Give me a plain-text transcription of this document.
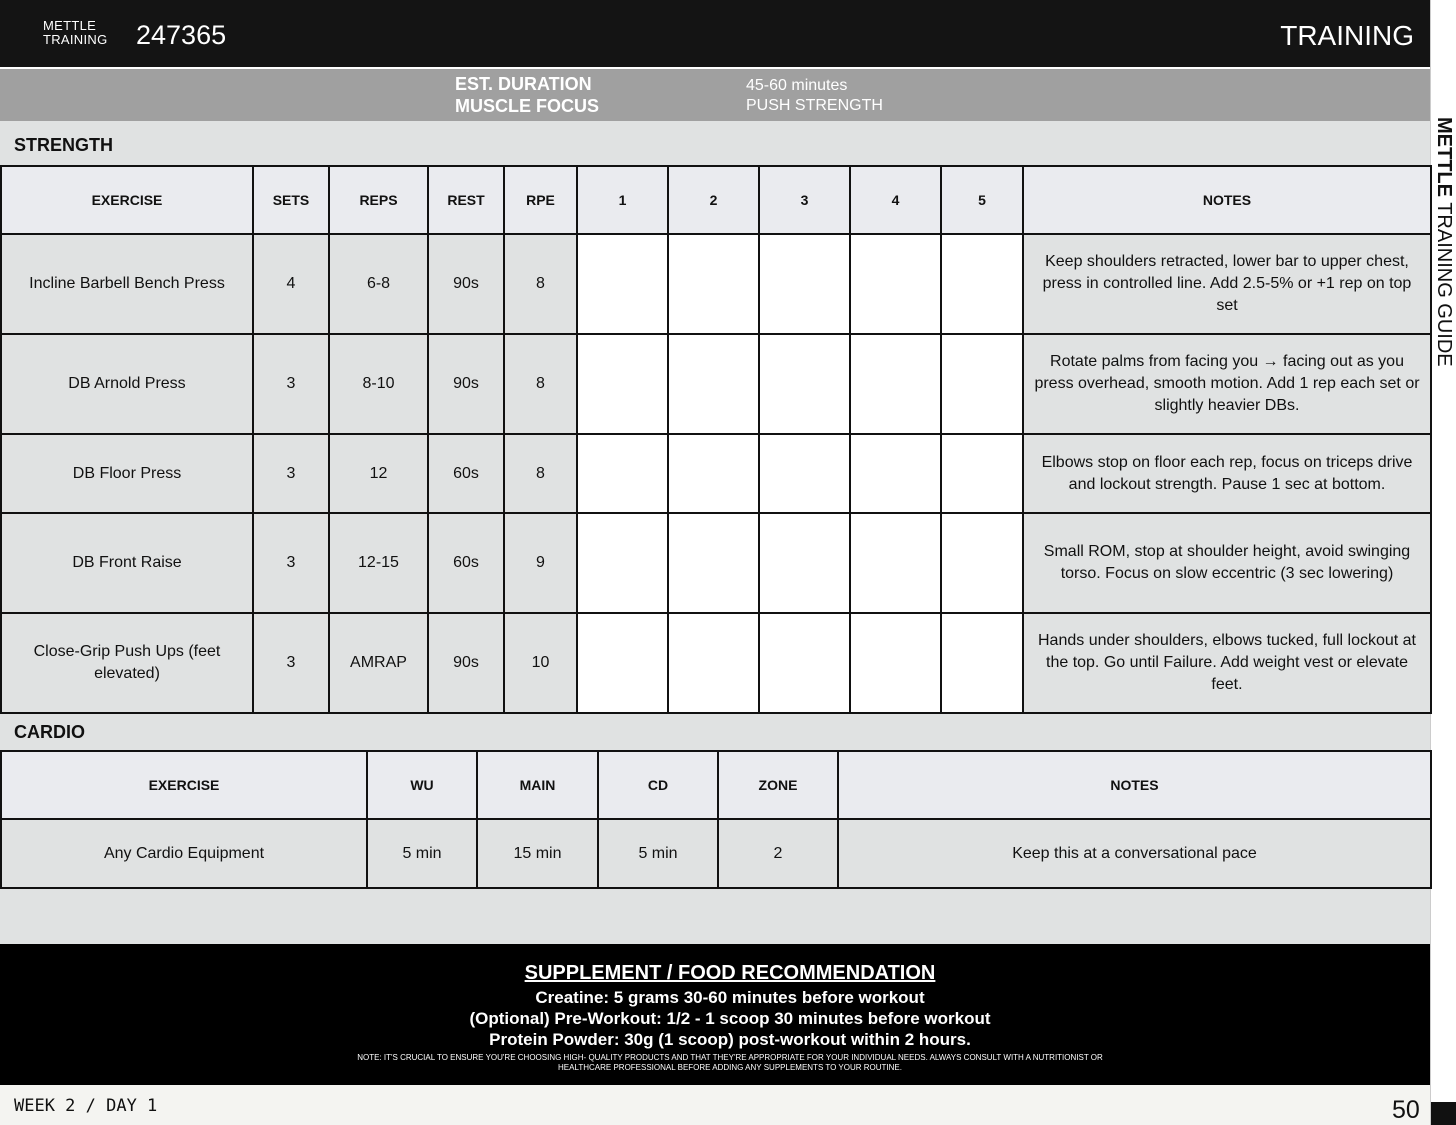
METTLE
TRAINING 247365	TRAINING
EST. DURATION	45-60 minutes
MUSCLE FOCUS	PUSH STRENGTH
METTLE TRAINING GUIDE
STRENGTH
EXERCISE	SETS	REPS	REST	RPE	1	2	3	4	5	NOTES
Incline Barbell Bench Press	4	6-8	90s	8						Keep shoulders retracted, lower bar to upper chest, press in controlled line. Add 2.5-5% or +1 rep on top set
DB Arnold Press	3	8-10	90s	8						Rotate palms from facing you → facing out as you press overhead, smooth motion. Add 1 rep each set or slightly heavier DBs.
DB Floor Press	3	12	60s	8						Elbows stop on floor each rep, focus on triceps drive and lockout strength. Pause 1 sec at bottom.
DB Front Raise	3	12-15	60s	9						Small ROM, stop at shoulder height, avoid swinging torso. Focus on slow eccentric (3 sec lowering)
Close-Grip Push Ups (feet elevated)	3	AMRAP	90s	10						Hands under shoulders, elbows tucked, full lockout at the top. Go until Failure. Add weight vest or elevate feet.
CARDIO
EXERCISE	WU	MAIN	CD	ZONE	NOTES
Any Cardio Equipment	5 min	15 min	5 min	2	Keep this at a conversational pace
SUPPLEMENT / FOOD RECOMMENDATION
Creatine: 5 grams 30-60 minutes before workout
(Optional) Pre-Workout: 1/2 - 1 scoop 30 minutes before workout
Protein Powder: 30g (1 scoop) post-workout within 2 hours.
NOTE: IT'S CRUCIAL TO ENSURE YOU'RE CHOOSING HIGH- QUALITY PRODUCTS AND THAT THEY'RE APPROPRIATE FOR YOUR INDIVIDUAL NEEDS. ALWAYS CONSULT WITH A NUTRITIONIST OR HEALTHCARE PROFESSIONAL BEFORE ADDING ANY SUPPLEMENTS TO YOUR ROUTINE.
WEEK 2 / DAY 1	50
